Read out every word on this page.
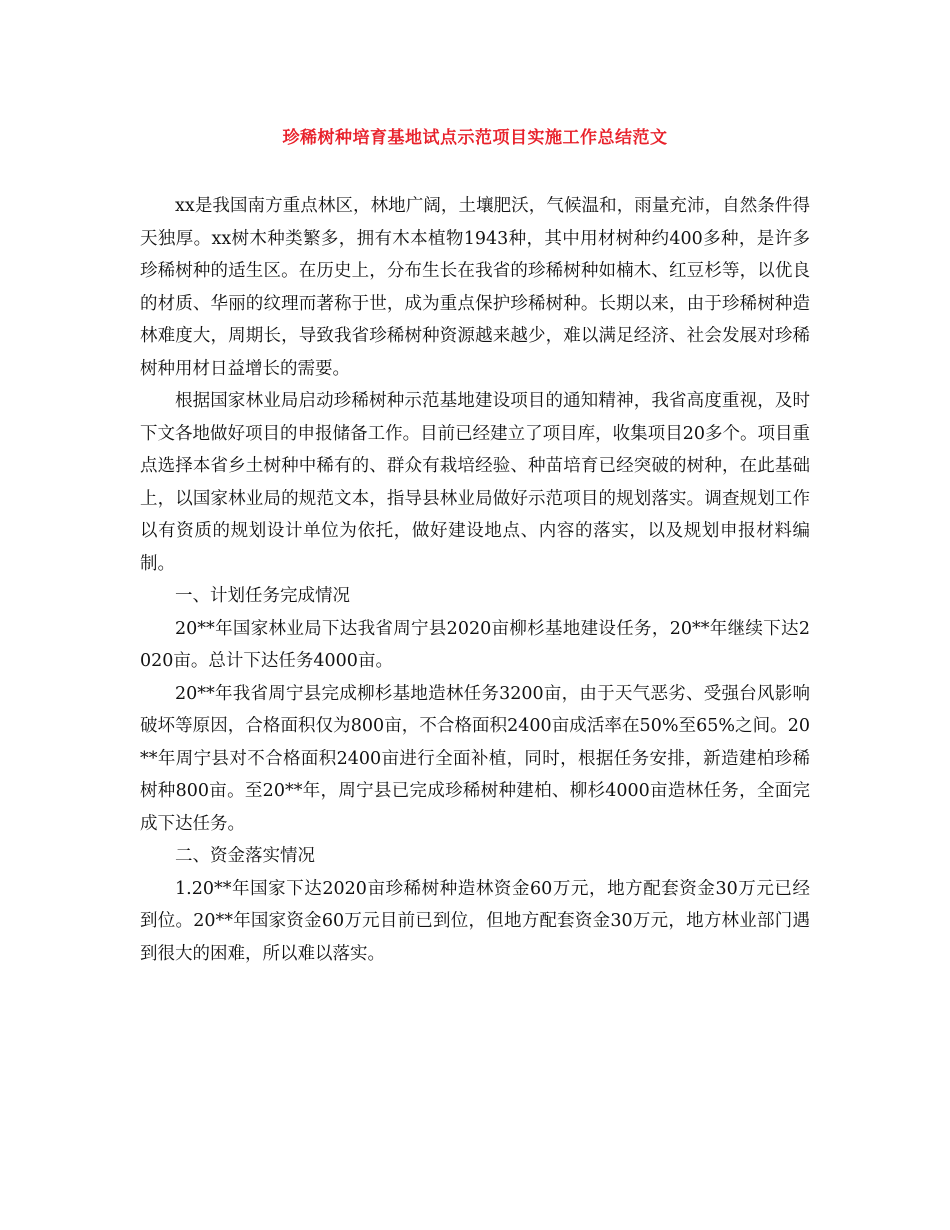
珍稀树种培育基地试点示范项目实施工作总结范文

xx是我国南方重点林区，林地广阔，土壤肥沃，气候温和，雨量充沛，自然条件得天独厚。xx树木种类繁多，拥有木本植物1943种，其中用材树种约400多种，是许多珍稀树种的适生区。在历史上，分布生长在我省的珍稀树种如楠木、红豆杉等，以优良的材质、华丽的纹理而著称于世，成为重点保护珍稀树种。长期以来，由于珍稀树种造林难度大，周期长，导致我省珍稀树种资源越来越少，难以满足经济、社会发展对珍稀树种用材日益增长的需要。

根据国家林业局启动珍稀树种示范基地建设项目的通知精神，我省高度重视，及时下文各地做好项目的申报储备工作。目前已经建立了项目库，收集项目20多个。项目重点选择本省乡土树种中稀有的、群众有栽培经验、种苗培育已经突破的树种，在此基础上，以国家林业局的规范文本，指导县林业局做好示范项目的规划落实。调查规划工作以有资质的规划设计单位为依托，做好建设地点、内容的落实，以及规划申报材料编制。

一、计划任务完成情况

20**年国家林业局下达我省周宁县2020亩柳杉基地建设任务，20**年继续下达2020亩。总计下达任务4000亩。

20**年我省周宁县完成柳杉基地造林任务3200亩，由于天气恶劣、受强台风影响破坏等原因，合格面积仅为800亩，不合格面积2400亩成活率在50%至65%之间。20**年周宁县对不合格面积2400亩进行全面补植，同时，根据任务安排，新造建柏珍稀树种800亩。至20**年，周宁县已完成珍稀树种建柏、柳杉4000亩造林任务，全面完成下达任务。

二、资金落实情况

1.20**年国家下达2020亩珍稀树种造林资金60万元，地方配套资金30万元已经到位。20**年国家资金60万元目前已到位，但地方配套资金30万元，地方林业部门遇到很大的困难，所以难以落实。
